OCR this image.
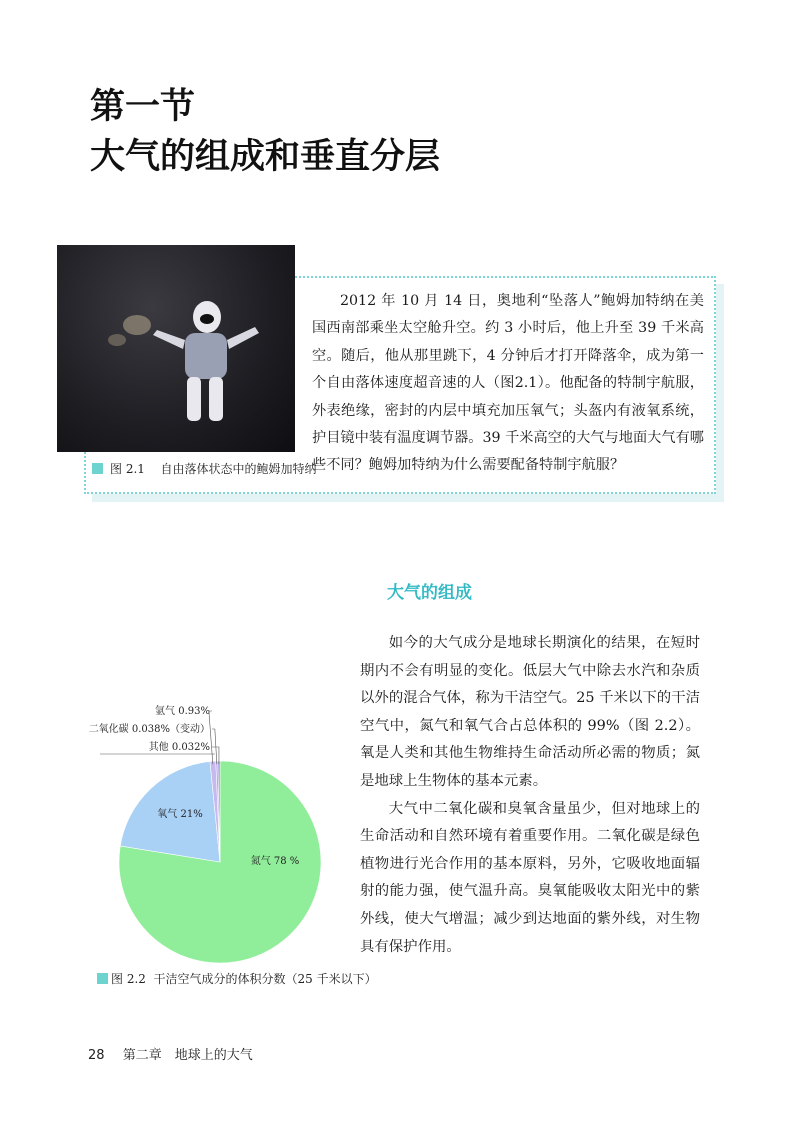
第一节
大气的组成和垂直分层
图 2.1
自由落体状态中的鲍姆加特纳
2012 年 10 月 14 日，奥地利“坠落人”鲍姆加特纳在美国西南部乘坐太空舱升空。约 3 小时后，他上升至 39 千米高空。随后，他从那里跳下，4 分钟后才打开降落伞，成为第一个自由落体速度超音速的人（图2.1）。他配备的特制宇航服，外表绝缘，密封的内层中填充加压氧气；头盔内有液氧系统，护目镜中装有温度调节器。39 千米高空的大气与地面大气有哪些不同？鲍姆加特纳为什么需要配备特制宇航服？
大气的组成

如今的大气成分是地球长期演化的结果，在短时期内不会有明显的变化。低层大气中除去水汽和杂质以外的混合气体，称为干洁空气。25 千米以下的干洁空气中，氮气和氧气合占总体积的 99%（图 2.2）。氧是人类和其他生物维持生命活动所必需的物质；氮是地球上生物体的基本元素。

大气中二氧化碳和臭氧含量虽少，但对地球上的生命活动和自然环境有着重要作用。二氧化碳是绿色植物进行光合作用的基本原料，另外，它吸收地面辐射的能力强，使气温升高。臭氧能吸收太阳光中的紫外线，使大气增温；减少到达地面的紫外线，对生物具有保护作用。

氮气 78 %
氧气 21%
氩气 0.93%
二氧化碳 0.038%（变动）
其他 0.032%
图 2.2
干洁空气成分的体积分数（25 千米以下）
28 第二章　地球上的大气
